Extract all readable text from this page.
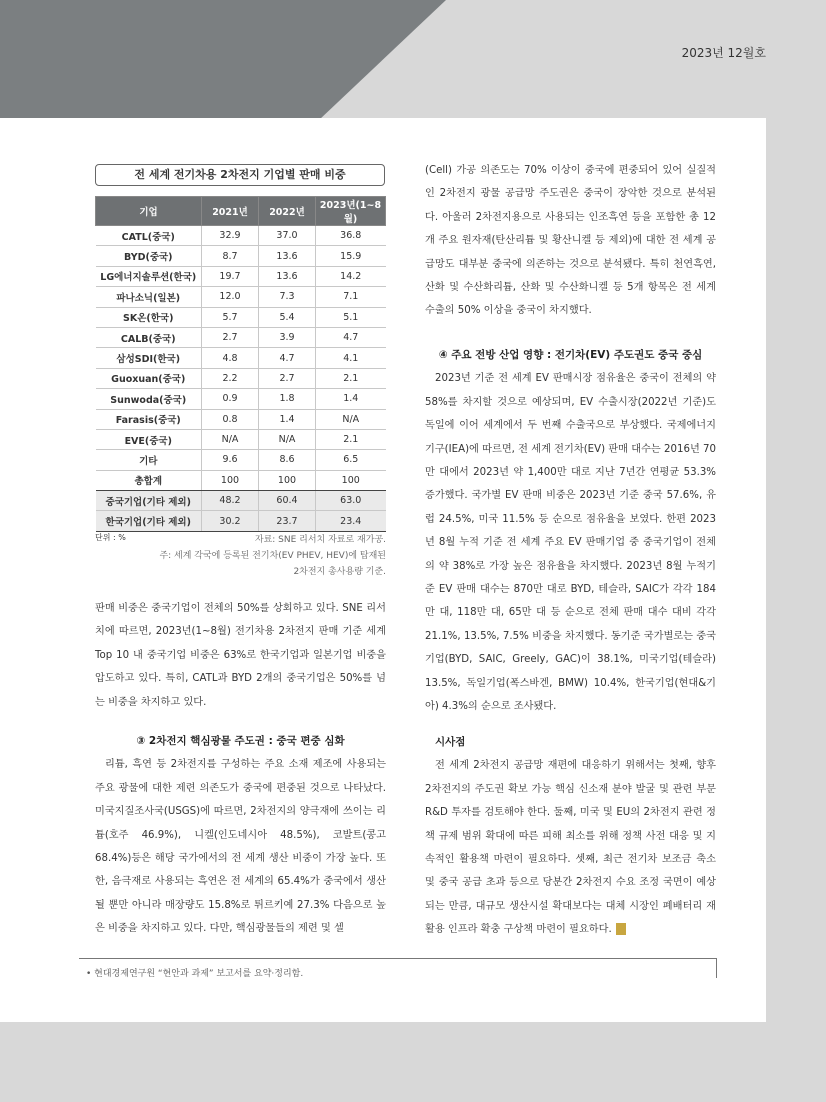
2023년 12월호
전 세계 전기차용 2차전지 기업별 판매 비중
기업	2021년	2022년	2023년(1~8월)
CATL(중국)	32.9	37.0	36.8
BYD(중국)	8.7	13.6	15.9
LG에너지솔루션(한국)	19.7	13.6	14.2
파나소닉(일본)	12.0	7.3	7.1
SK온(한국)	5.7	5.4	5.1
CALB(중국)	2.7	3.9	4.7
삼성SDI(한국)	4.8	4.7	4.1
Guoxuan(중국)	2.2	2.7	2.1
Sunwoda(중국)	0.9	1.8	1.4
Farasis(중국)	0.8	1.4	N/A
EVE(중국)	N/A	N/A	2.1
기타	9.6	8.6	6.5
총합계	100	100	100
중국기업(기타 제외)	48.2	60.4	63.0
한국기업(기타 제외)	30.2	23.7	23.4
단위 : %	자료: SNE 리서치 자료로 재가공.
주: 세계 각국에 등록된 전기차(EV PHEV, HEV)에 탑재된
2차전지 총사용량 기준.

판매 비중은 중국기업이 전체의 50%를 상회하고 있다. SNE 리서치에 따르면, 2023년(1~8월) 전기차용 2차전지 판매 기준 세계 Top 10 내 중국기업 비중은 63%로 한국기업과 일본기업 비중을 압도하고 있다. 특히, CATL과 BYD 2개의 중국기업은 50%를 넘는 비중을 차지하고 있다.

③ 2차전지 핵심광물 주도권 : 중국 편중 심화

리튬, 흑연 등 2차전지를 구성하는 주요 소재 제조에 사용되는 주요 광물에 대한 제련 의존도가 중국에 편중된 것으로 나타났다. 미국지질조사국(USGS)에 따르면, 2차전지의 양극재에 쓰이는 리튬(호주 46.9%), 니켈(인도네시아 48.5%), 코발트(콩고 68.4%)등은 해당 국가에서의 전 세계 생산 비중이 가장 높다. 또한, 음극재로 사용되는 흑연은 전 세계의 65.4%가 중국에서 생산될 뿐만 아니라 매장량도 15.8%로 튀르키예 27.3% 다음으로 높은 비중을 차지하고 있다. 다만, 핵심광물들의 제련 및 셀

(Cell) 가공 의존도는 70% 이상이 중국에 편중되어 있어 실질적인 2차전지 광물 공급망 주도권은 중국이 장악한 것으로 분석된다. 아울러 2차전지용으로 사용되는 인조흑연 등을 포함한 총 12개 주요 원자재(탄산리튬 및 황산니켈 등 제외)에 대한 전 세계 공급망도 대부분 중국에 의존하는 것으로 분석됐다. 특히 천연흑연, 산화 및 수산화리튬, 산화 및 수산화니켈 등 5개 항목은 전 세계 수출의 50% 이상을 중국이 차지했다.

④ 주요 전방 산업 영향 : 전기차(EV) 주도권도 중국 중심

2023년 기준 전 세계 EV 판매시장 점유율은 중국이 전체의 약 58%를 차지할 것으로 예상되며, EV 수출시장(2022년 기준)도 독일에 이어 세계에서 두 번째 수출국으로 부상했다. 국제에너지기구(IEA)에 따르면, 전 세계 전기차(EV) 판매 대수는 2016년 70만 대에서 2023년 약 1,400만 대로 지난 7년간 연평균 53.3% 증가했다. 국가별 EV 판매 비중은 2023년 기준 중국 57.6%, 유럽 24.5%, 미국 11.5% 등 순으로 점유율을 보였다. 한편 2023년 8월 누적 기준 전 세계 주요 EV 판매기업 중 중국기업이 전체의 약 38%로 가장 높은 점유율을 차지했다. 2023년 8월 누적기준 EV 판매 대수는 870만 대로 BYD, 테슬라, SAIC가 각각 184만 대, 118만 대, 65만 대 등 순으로 전체 판매 대수 대비 각각 21.1%, 13.5%, 7.5% 비중을 차지했다. 동기준 국가별로는 중국기업(BYD, SAIC, Greely, GAC)이 38.1%, 미국기업(테슬라) 13.5%, 독일기업(폭스바겐, BMW) 10.4%, 한국기업(현대&기아) 4.3%의 순으로 조사됐다.

시사점

전 세계 2차전지 공급망 재편에 대응하기 위해서는 첫째, 향후 2차전지의 주도권 확보 가능 핵심 신소재 분야 발굴 및 관련 부문 R&D 투자를 검토해야 한다. 둘째, 미국 및 EU의 2차전지 관련 정책 규제 범위 확대에 따른 피해 최소를 위해 정책 사전 대응 및 지속적인 활용책 마련이 필요하다. 셋째, 최근 전기차 보조금 축소 및 중국 공급 초과 등으로 당분간 2차전지 수요 조정 국면이 예상되는 만큼, 대규모 생산시설 확대보다는 대체 시장인 폐배터리 재활용 인프라 확충 구상책 마련이 필요하다.

• 현대경제연구원 “현안과 과제” 보고서를 요약·정리함.
